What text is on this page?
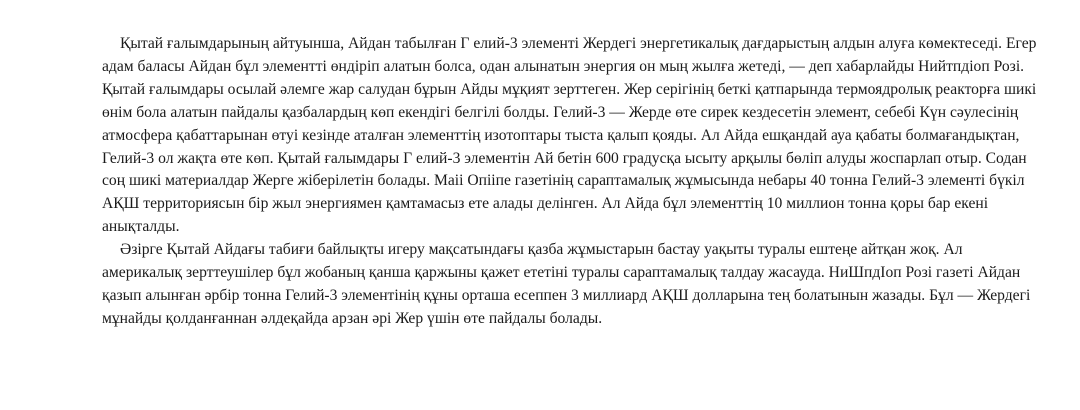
Қытай ғалымдарының айтуынша, Айдан табылған Г елий-3 элементі Жердегі энергетикалық дағдарыстың алдын алуға көмектеседі. Егер адам баласы Айдан бұл элементті өндіріп алатын болса, одан алынатын энергия он мың жылға жетеді, — деп хабарлайды Нийтпдіоп Розі.

Қытай ғалымдары осылай әлемге жар салудан бұрын Айды мұқият зерттеген. Жер серігінің беткі қатпарында термоядролық реакторға шикі өнім бола алатын пайдалы қазбалардың көп екендігі белгілі болды. Гелий-3 — Жерде өте сирек кездесетін элемент, себебі Күн сәулесінің атмосфера қабаттарынан өтуі кезінде аталған элементтің изотоптары тыста қалып қояды. Ал Айда ешқандай ауа қабаты болмағандықтан, Гелий-3 ол жақта өте көп. Қытай ғалымдары Г елий-3 элементін Ай бетін 600 градусқа ысыту арқылы бөліп алуды жоспарлап отыр. Содан соң шикі материалдар Жерге жіберілетін болады. Маіі Опііпе газетінің сараптамалық жұмысында небары 40 тонна Гелий-3 элементі бүкіл АҚШ территориясын бір жыл энергиямен қамтамасыз ете алады делінген. Ал Айда бұл элементтің 10 миллион тонна қоры бар екені анықталды.

Әзірге Қытай Айдағы табиғи байлықты игеру мақсатындағы қазба жұмыстарын бастау уақыты туралы ештеңе айтқан жоқ. Ал америкалық зерттеушілер бұл жобаның қанша қаржыны қажет ететіні туралы сараптамалық талдау жасауда. НиШпдІоп Розі газеті Айдан қазып алынған әрбір тонна Гелий-3 элементінің құны орташа есеппен 3 миллиард АҚШ долларына тең болатынын жазады. Бұл — Жердегі мұнайды қолданғаннан әлдеқайда арзан әрі Жер үшін өте пайдалы болады.
